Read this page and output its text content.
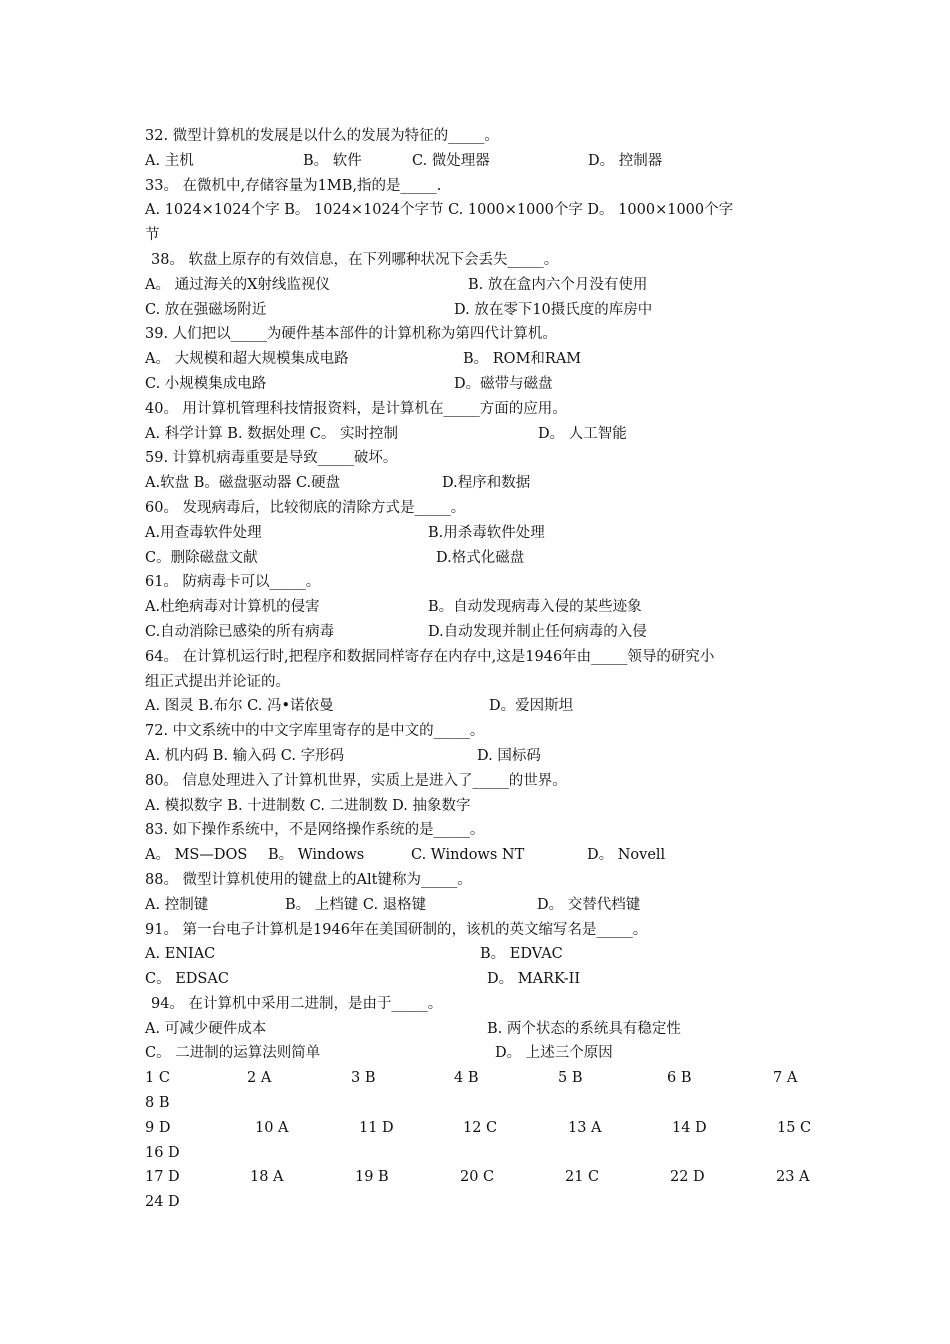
32. 微型计算机的发展是以什么的发展为特征的_____。
A. 主机	B。 软件	C. 微处理器	D。 控制器
33。 在微机中,存储容量为1MB,指的是_____.
A. 1024×1024个字 B。 1024×1024个字节 C. 1000×1000个字 D。 1000×1000个字
节
38。 软盘上原存的有效信息，在下列哪种状况下会丢失_____。
A。 通过海关的X射线监视仪	B. 放在盒内六个月没有使用
C. 放在强磁场附近	D. 放在零下10摄氏度的库房中
39. 人们把以_____为硬件基本部件的计算机称为第四代计算机。
A。 大规模和超大规模集成电路	B。 ROM和RAM
C. 小规模集成电路	D。磁带与磁盘
40。 用计算机管理科技情报资料，是计算机在_____方面的应用。
A. 科学计算 B. 数据处理 C。 实时控制	D。 人工智能
59. 计算机病毒重要是导致_____破坏。
A.软盘 B。磁盘驱动器 C.硬盘	D.程序和数据
60。 发现病毒后，比较彻底的清除方式是_____。
A.用查毒软件处理	B.用杀毒软件处理
C。删除磁盘文献	D.格式化磁盘
61。 防病毒卡可以_____。
A.杜绝病毒对计算机的侵害	B。自动发现病毒入侵的某些迹象
C.自动消除已感染的所有病毒	D.自动发现并制止任何病毒的入侵
64。 在计算机运行时,把程序和数据同样寄存在内存中,这是1946年由_____领导的研究小
组正式提出并论证的。
A. 图灵 B.布尔 C. 冯•诺依曼	D。爱因斯坦
72. 中文系统中的中文字库里寄存的是中文的_____。
A. 机内码 B. 输入码 C. 字形码	D. 国标码
80。 信息处理进入了计算机世界，实质上是进入了_____的世界。
A. 模拟数字 B. 十进制数 C. 二进制数 D. 抽象数字
83. 如下操作系统中，不是网络操作系统的是_____。
A。 MS—DOS B。 Windows	C. Windows NT	D。 Novell
88。 微型计算机使用的键盘上的Alt键称为_____。
A. 控制键	B。 上档键 C. 退格键	D。 交替代档键
91。 第一台电子计算机是1946年在美国研制的，该机的英文缩写名是_____。
A. ENIAC	B。 EDVAC
C。 EDSAC	D。 MARK-II
94。 在计算机中采用二进制，是由于_____。
A. 可减少硬件成本	B. 两个状态的系统具有稳定性
C。 二进制的运算法则简单	D。 上述三个原因
1 C	2 A	3 B	4 B	5 B	6 B	7 A
8 B
9 D	10 A	11 D	12 C	13 A	14 D	15 C
16 D
17 D	18 A	19 B	20 C	21 C	22 D	23 A
24 D
